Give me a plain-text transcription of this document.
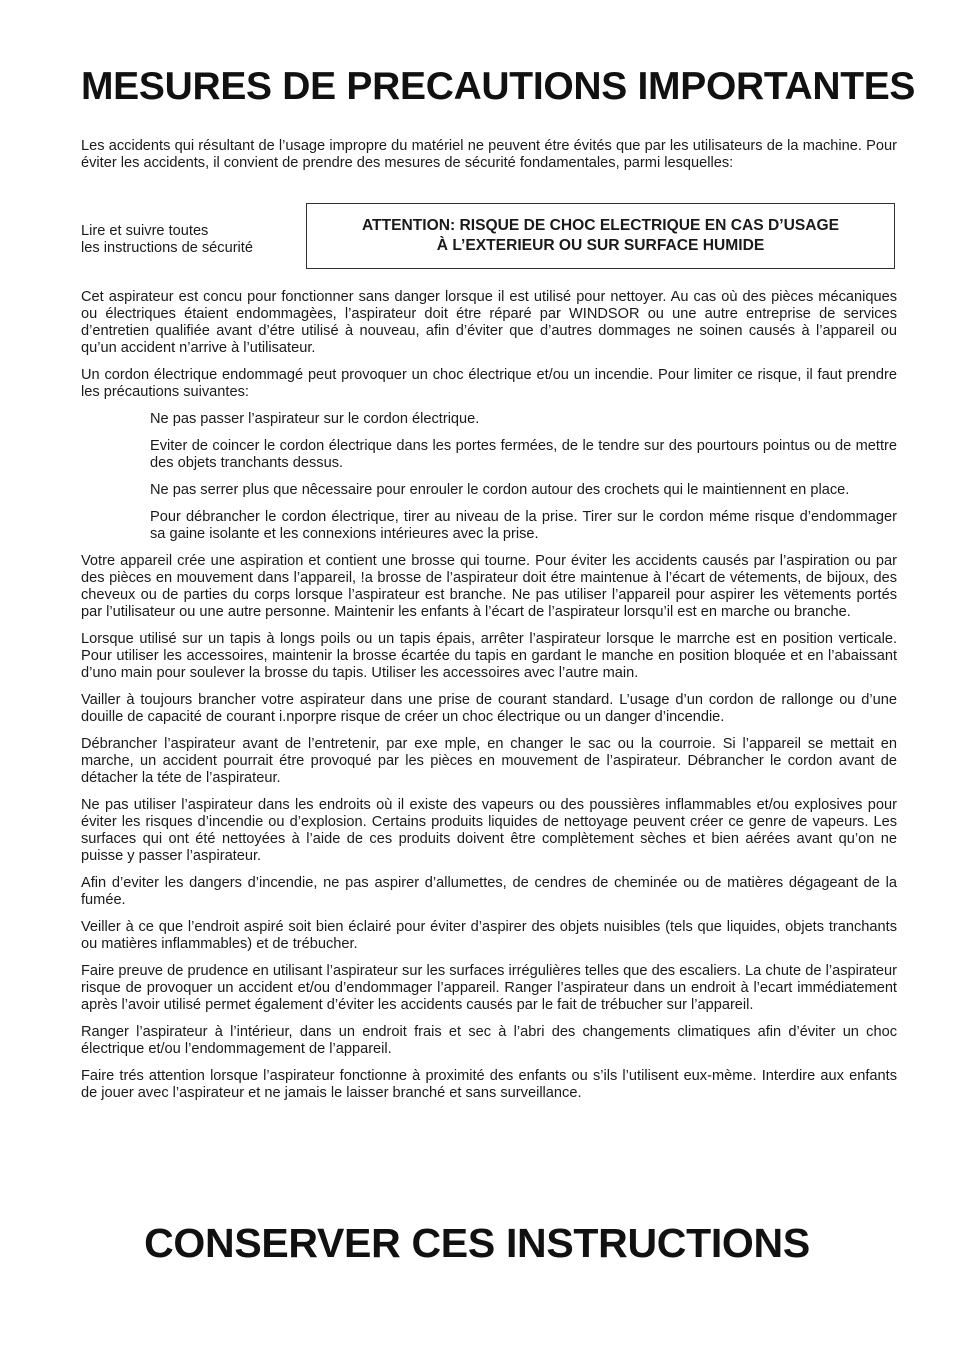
MESURES DE PRECAUTIONS IMPORTANTES

Les accidents qui résultant de l’usage impropre du matériel ne peuvent étre évités que par les utilisateurs de la machine. Pour éviter les accidents, il convient de prendre des mesures de sécurité fondamentales, parmi lesquelles:

Lire et suivre toutes
les instructions de sécurité
ATTENTION: RISQUE DE CHOC ELECTRIQUE EN CAS D’USAGE
À L’EXTERIEUR OU SUR SURFACE HUMIDE

Cet aspirateur est concu pour fonctionner sans danger lorsque il est utilisé pour nettoyer. Au cas où des pièces mécaniques ou électriques étaient endommagèes, l’aspirateur doit étre réparé par WINDSOR ou une autre entreprise de services d’entretien qualifiée avant d’étre utilisé à nouveau, afin d’éviter que d’autres dommages ne soinen causés à l’appareil ou qu’un accident n’arrive à l’utilisateur.

Un cordon électrique endommagé peut provoquer un choc électrique et/ou un incendie. Pour limiter ce risque, il faut prendre les précautions suivantes:

Ne pas passer l’aspirateur sur le cordon électrique.

Eviter de coincer le cordon électrique dans les portes fermées, de le tendre sur des pourtours pointus ou de mettre des objets tranchants dessus.

Ne pas serrer plus que nêcessaire pour enrouler le cordon autour des crochets qui le maintiennent en place.

Pour débrancher le cordon électrique, tirer au niveau de la prise. Tirer sur le cordon méme risque d’endommager sa gaine isolante et les connexions intérieures avec la prise.

Votre appareil crée une aspiration et contient une brosse qui tourne. Pour éviter les accidents causés par l’aspiration ou par des pièces en mouvement dans l’appareil, !a brosse de l’aspirateur doit étre maintenue à l’écart de vétements, de bijoux, des cheveux ou de parties du corps lorsque l’aspirateur est branche. Ne pas utiliser l’appareil pour aspirer les vëtements portés par l’utilisateur ou une autre personne. Maintenir les enfants à l’écart de l’aspirateur lorsqu’il est en marche ou branche.

Lorsque utilisé sur un tapis à longs poils ou un tapis épais, arrêter l’aspirateur lorsque le marrche est en position verticale. Pour utiliser les accessoires, maintenir la brosse écartée du tapis en gardant le manche en position bloquée et en l’abaissant d’uno main pour soulever la brosse du tapis. Utiliser les accessoires avec l’autre main.

Vailler à toujours brancher votre aspirateur dans une prise de courant standard. L’usage d’un cordon de rallonge ou d’une douille de capacité de courant i.nporpre risque de créer un choc électrique ou un danger d’incendie.

Débrancher l’aspirateur avant de l’entretenir, par exe mple, en changer le sac ou la courroie. Si l’appareil se mettait en marche, un accident pourrait étre provoqué par les pièces en mouvement de l’aspirateur. Débrancher le cordon avant de détacher la téte de l’aspirateur.

Ne pas utiliser l’aspirateur dans les endroits où il existe des vapeurs ou des poussières inflammables et/ou explosives pour éviter les risques d’incendie ou d’explosion. Certains produits liquides de nettoyage peuvent créer ce genre de vapeurs. Les surfaces qui ont été nettoyées à l’aide de ces produits doivent être complètement sèches et bien aérées avant qu’on ne puisse y passer l’aspirateur.

Afin d’eviter les dangers d’incendie, ne pas aspirer d’allumettes, de cendres de cheminée ou de matières dégageant de la fumée.

Veiller à ce que l’endroit aspiré soit bien éclairé pour éviter d’aspirer des objets nuisibles (tels que liquides, objets tranchants ou matières inflammables) et de trébucher.

Faire preuve de prudence en utilisant l’aspirateur sur les surfaces irrégulières telles que des escaliers. La chute de l’aspirateur risque de provoquer un accident et/ou d’endommager l’appareil. Ranger l’aspirateur dans un endroit à l’ecart immédiatement après l’avoir utilisé permet également d’éviter les accidents causés par le fait de trébucher sur l’appareil.

Ranger l’aspirateur à l’intérieur, dans un endroit frais et sec à l’abri des changements climatiques afin d’éviter un choc électrique et/ou l’endommagement de l’appareil.

Faire trés attention lorsque l’aspirateur fonctionne à proximité des enfants ou s’ils l’utilisent eux-mème. Interdire aux enfants de jouer avec l’aspirateur et ne jamais le laisser branché et sans surveillance.

CONSERVER CES INSTRUCTIONS
